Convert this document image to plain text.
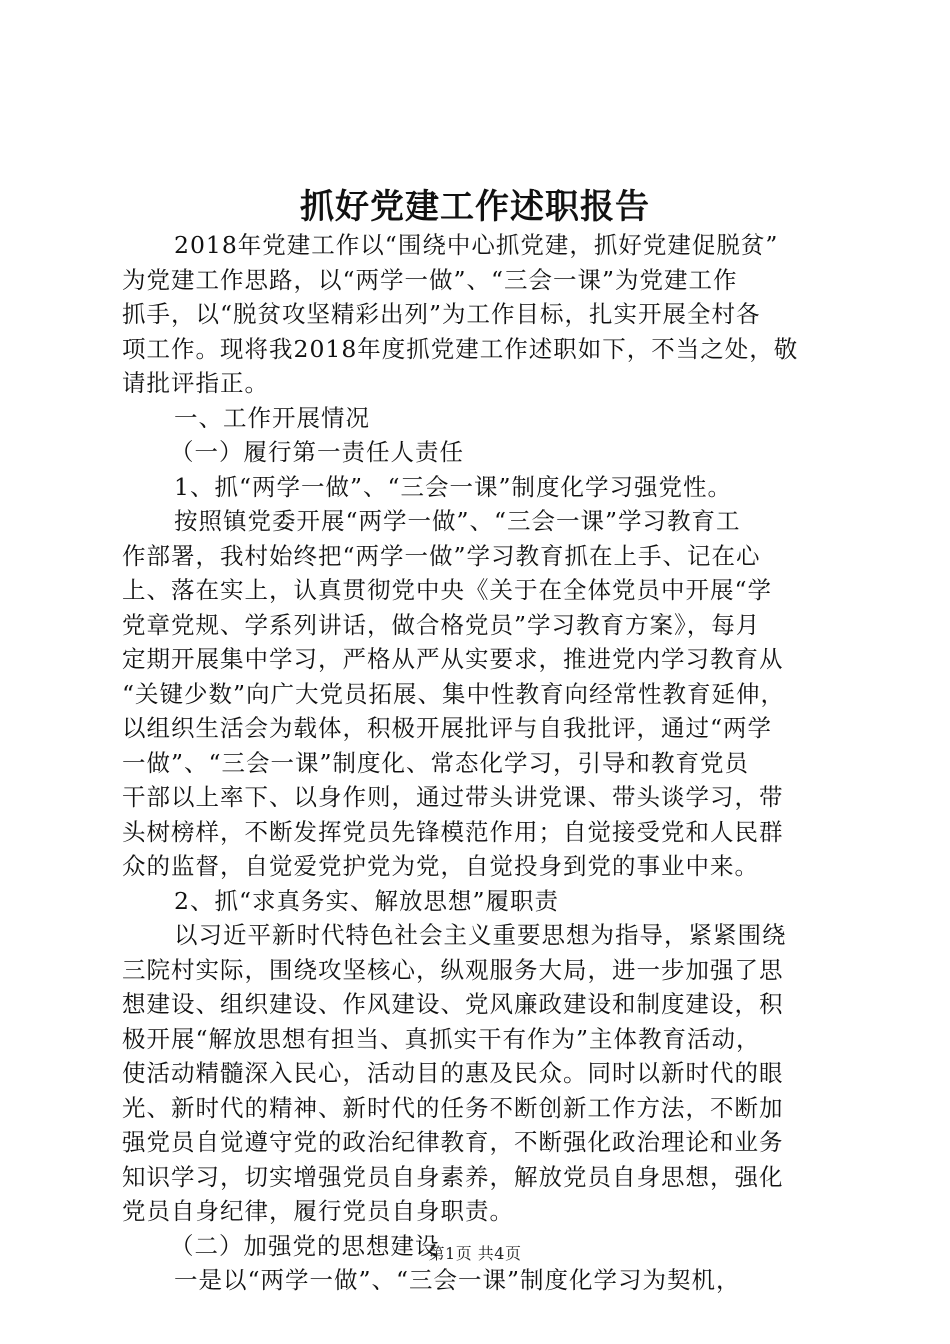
抓好党建工作述职报告

2018年党建工作以“围绕中心抓党建，抓好党建促脱贫”

为党建工作思路，以“两学一做”、“三会一课”为党建工作

抓手，以“脱贫攻坚精彩出列”为工作目标，扎实开展全村各

项工作。现将我2018年度抓党建工作述职如下，不当之处，敬

请批评指正。

一、工作开展情况

（一）履行第一责任人责任

1、抓“两学一做”、“三会一课”制度化学习强党性。

按照镇党委开展“两学一做”、“三会一课”学习教育工

作部署，我村始终把“两学一做”学习教育抓在上手、记在心

上、落在实上，认真贯彻党中央《关于在全体党员中开展“学

党章党规、学系列讲话，做合格党员”学习教育方案》，每月

定期开展集中学习，严格从严从实要求，推进党内学习教育从

“关键少数”向广大党员拓展、集中性教育向经常性教育延伸，

以组织生活会为载体，积极开展批评与自我批评，通过“两学

一做”、“三会一课”制度化、常态化学习，引导和教育党员

干部以上率下、以身作则，通过带头讲党课、带头谈学习，带

头树榜样，不断发挥党员先锋模范作用；自觉接受党和人民群

众的监督，自觉爱党护党为党，自觉投身到党的事业中来。

2、抓“求真务实、解放思想”履职责

以习近平新时代特色社会主义重要思想为指导，紧紧围绕

三院村实际，围绕攻坚核心，纵观服务大局，进一步加强了思

想建设、组织建设、作风建设、党风廉政建设和制度建设，积

极开展“解放思想有担当、真抓实干有作为”主体教育活动，

使活动精髓深入民心，活动目的惠及民众。同时以新时代的眼

光、新时代的精神、新时代的任务不断创新工作方法，不断加

强党员自觉遵守党的政治纪律教育，不断强化政治理论和业务

知识学习，切实增强党员自身素养，解放党员自身思想，强化

党员自身纪律，履行党员自身职责。

（二）加强党的思想建设

一是以“两学一做”、“三会一课”制度化学习为契机，

第1页 共4页
